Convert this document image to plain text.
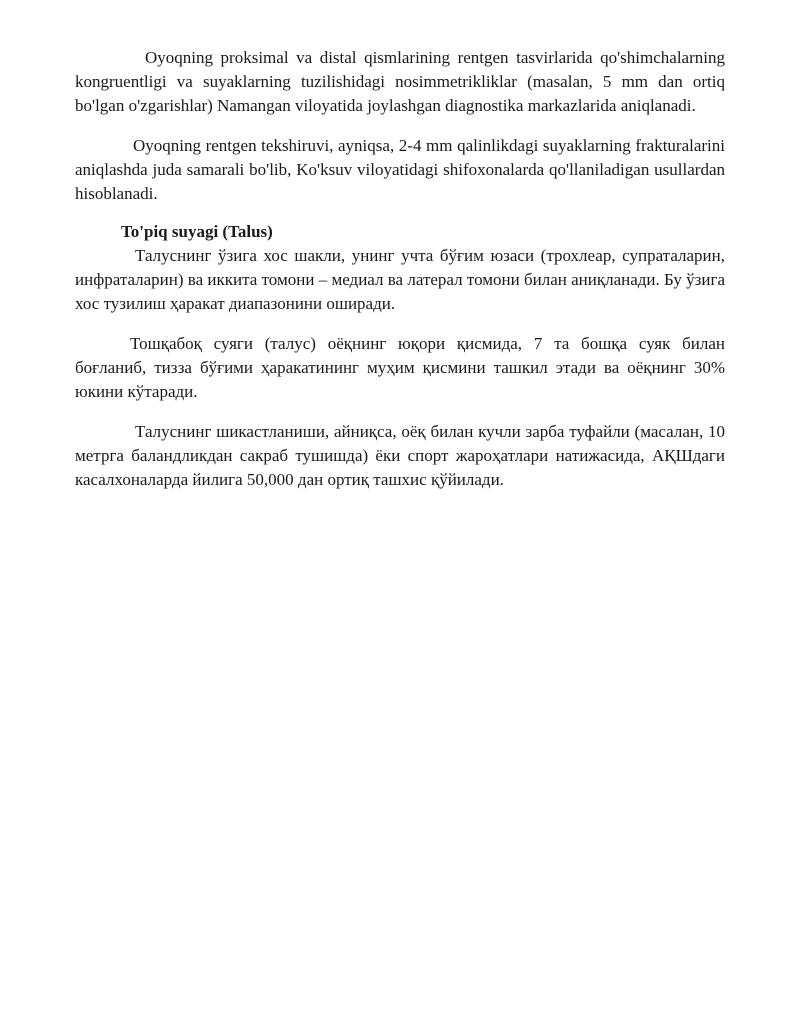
Oyoqning proksimal va distal qismlarining rentgen tasvirlarida qo'shimchalarning kongruentligi va suyaklarning tuzilishidagi nosimmetrikliklar (masalan, 5 mm dan ortiq bo'lgan o'zgarishlar) Namangan viloyatida joylashgan diagnostika markazlarida aniqlanadi.

Oyoqning rentgen tekshiruvi, ayniqsa, 2-4 mm qalinlikdagi suyaklarning frakturalarini aniqlashda juda samarali bo'lib, Ko'ksuv viloyatidagi shifoxonalarda qo'llaniladigan usullardan hisoblanadi.

To'piq suyagi (Talus)

Талуснинг ўзига хос шакли, унинг учта бўғим юзаси (трохлеар, супраталарин, инфраталарин) ва иккита томони – медиал ва латерал томони билан аниқланади. Бу ўзига хос тузилиш ҳаракат диапазонини оширади.

Тошқабоқ суяги (талус) оёқнинг юқори қисмида, 7 та бошқа суяк билан боғланиб, тизза бўғими ҳаракатининг муҳим қисмини ташкил этади ва оёқнинг 30% юкини кўтаради.

Талуснинг шикастланиши, айниқса, оёқ билан кучли зарба туфайли (масалан, 10 метрга баландликдан сакраб тушишда) ёки спорт жароҳатлари натижасида, АҚШдаги касалхоналарда йилига 50,000 дан ортиқ ташхис қўйилади.
